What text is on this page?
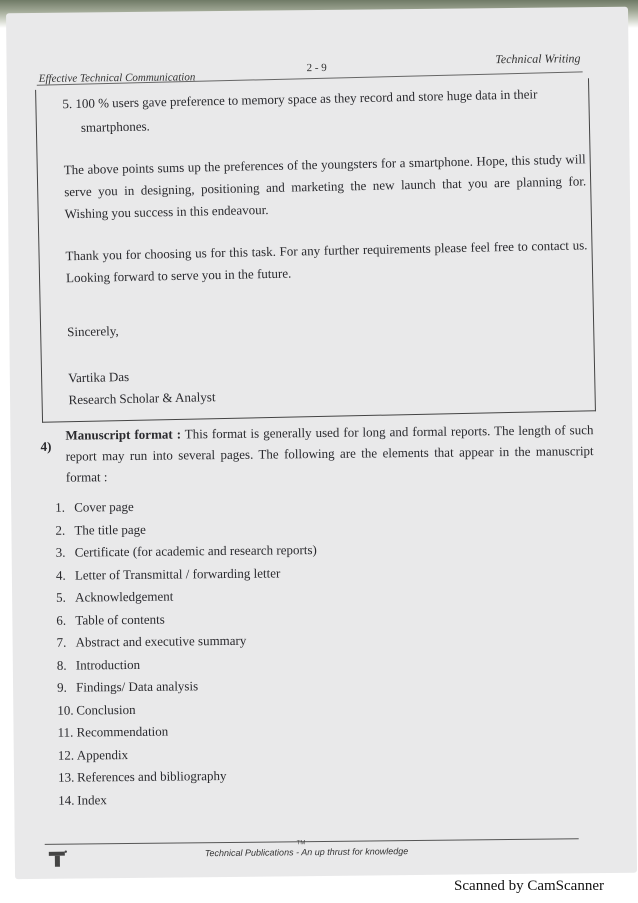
Effective Technical Communication
2 - 9
Technical Writing
5. 100 % users gave preference to memory space as they record and store huge data in their
smartphones.
The above points sums up the preferences of the youngsters for a smartphone. Hope, this study will serve you in designing, positioning and marketing the new launch that you are planning for. Wishing you success in this endeavour.
Thank you for choosing us for this task. For any further requirements please feel free to contact us. Looking forward to serve you in the future.
Sincerely,
Vartika Das
Research Scholar & Analyst
4)
Manuscript format : This format is generally used for long and formal reports. The length of such report may run into several pages. The following are the elements that appear in the manuscript format :
1. Cover page
2. The title page
3. Certificate (for academic and research reports)
4. Letter of Transmittal / forwarding letter
5. Acknowledgement
6. Table of contents
7. Abstract and executive summary
8. Introduction
9. Findings/ Data analysis
10. Conclusion
11. Recommendation
12. Appendix
13. References and bibliography
14. Index
TM
Technical Publications - An up thrust for knowledge
Scanned by CamScanner
